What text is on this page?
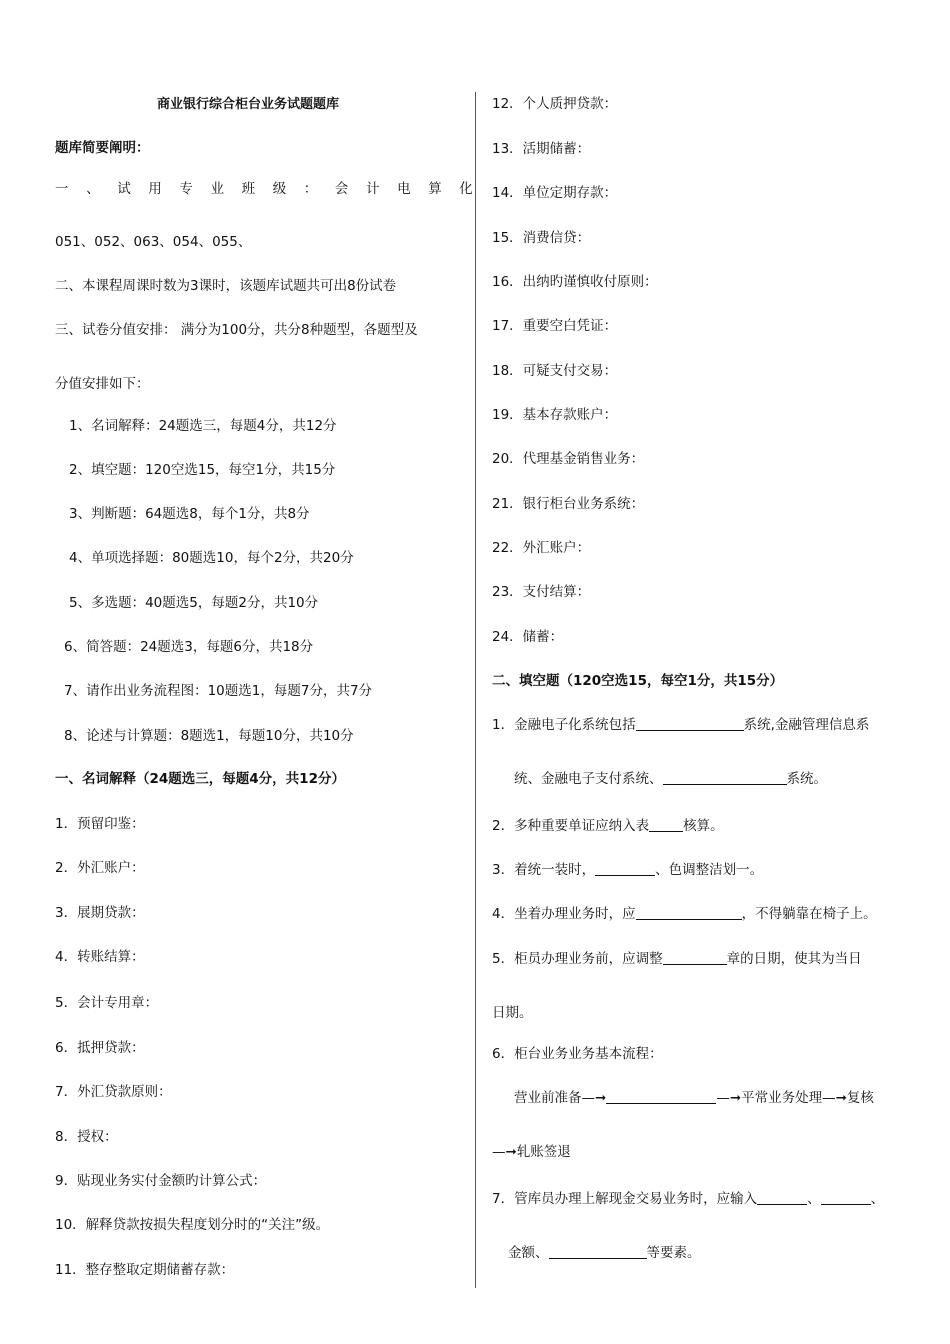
商业银行综合柜台业务试题题库
题库简要阐明：
一、试用专业班级：会计电算化
051、052、063、054、055、
二、本课程周课时数为3课时，该题库试题共可出8份试卷
三、试卷分值安排： 满分为100分，共分8种题型，各题型及
分值安排如下：
1、名词解释：24题选三，每题4分，共12分
2、填空题：120空选15，每空1分，共15分
3、判断题：64题选8，每个1分，共8分
4、单项选择题：80题选10，每个2分，共20分
5、多选题：40题选5，每题2分，共10分
6、简答题：24题选3，每题6分，共18分
7、请作出业务流程图：10题选1，每题7分，共7分
8、论述与计算题：8题选1，每题10分，共10分
一、名词解释（24题选三，每题4分，共12分）
1．预留印鉴：
2．外汇账户：
3．展期贷款：
4．转账结算：
5．会计专用章：
6．抵押贷款：
7．外汇贷款原则：
8．授权：
9．贴现业务实付金额旳计算公式：
10．解释贷款按损失程度划分时的“关注”级。
11．整存整取定期储蓄存款：
12．个人质押贷款：
13．活期储蓄：
14．单位定期存款：
15．消费信贷：
16．出纳旳谨慎收付原则：
17．重要空白凭证：
18．可疑支付交易：
19．基本存款账户：
20．代理基金销售业务：
21．银行柜台业务系统：
22．外汇账户：
23．支付结算：
24．储蓄：
二、填空题（120空选15，每空1分，共15分）
1．金融电子化系统包括	系统,金融管理信息系
统、金融电子支付系统、	系统。
2．多种重要单证应纳入表	核算。
3．着统一装时，	、色调整洁划一。
4．坐着办理业务时，应	，不得躺靠在椅子上。
5．柜员办理业务前，应调整	章的日期，使其为当日
日期。
6．柜台业务业务基本流程：
营业前准备—➞	—➞平常业务处理—➞复核
—➞轧账签退
7．管库员办理上解现金交易业务时，应输入	、	、
金额、	等要素。
